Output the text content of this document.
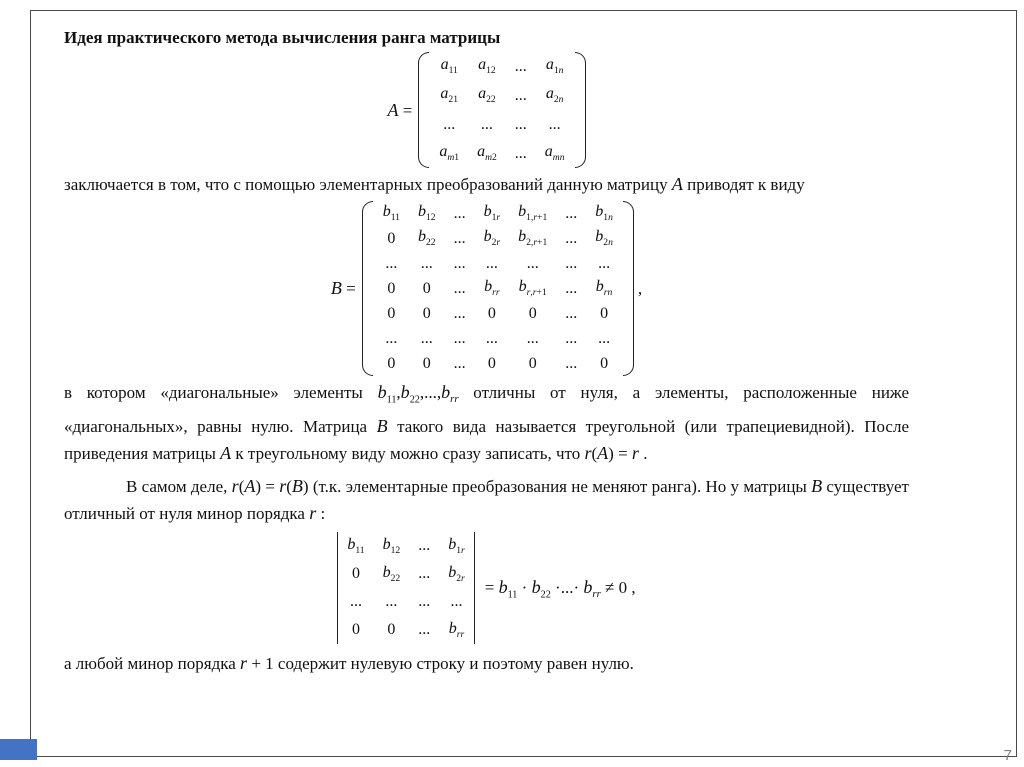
Идея практического метода вычисления ранга матрицы
A =
$a_{11}$	$a_{12}$	...	$a_{1n}$
$a_{21}$	$a_{22}$	...	$a_{2n}$
...	...	...	...
$a_{m1}$	$a_{m2}$	...	$a_{mn}$

заключается в том, что с помощью элементарных преобразований данную матрицу A приводят к виду

B =
$b_{11}$	$b_{12}$	...	$b_{1r}$	$b_{1,r+1}$	...	$b_{1n}$
0	$b_{22}$	...	$b_{2r}$	$b_{2,r+1}$	...	$b_{2n}$
...	...	...	...	...	...	...
0	0	...	$b_{rr}$	$b_{r,r+1}$	...	$b_{rn}$
0	0	...	0	0	...	0
...	...	...	...	...	...	...
0	0	...	0	0	...	0
,

в котором «диагональные» элементы $b_{11},b_{22},...,b_{rr}$ отличны от нуля, а элементы, расположенные ниже «диагональных», равны нулю. Матрица B такого вида называется треугольной (или трапециевидной). После приведения матрицы A к треугольному виду можно сразу записать, что r(A) = r .

В самом деле, r(A) = r(B) (т.к. элементарные преобразования не меняют ранга). Но у матрицы B существует отличный от нуля минор порядка r :

$b_{11}$	$b_{12}$	...	$b_{1r}$
0	$b_{22}$	...	$b_{2r}$
...	...	...	...
0	0	...	$b_{rr}$
= $b_{11} \cdot b_{22}$ ·...· $b_{rr} \ne 0$ ,

а любой минор порядка r + 1 содержит нулевую строку и поэтому равен нулю.

7
